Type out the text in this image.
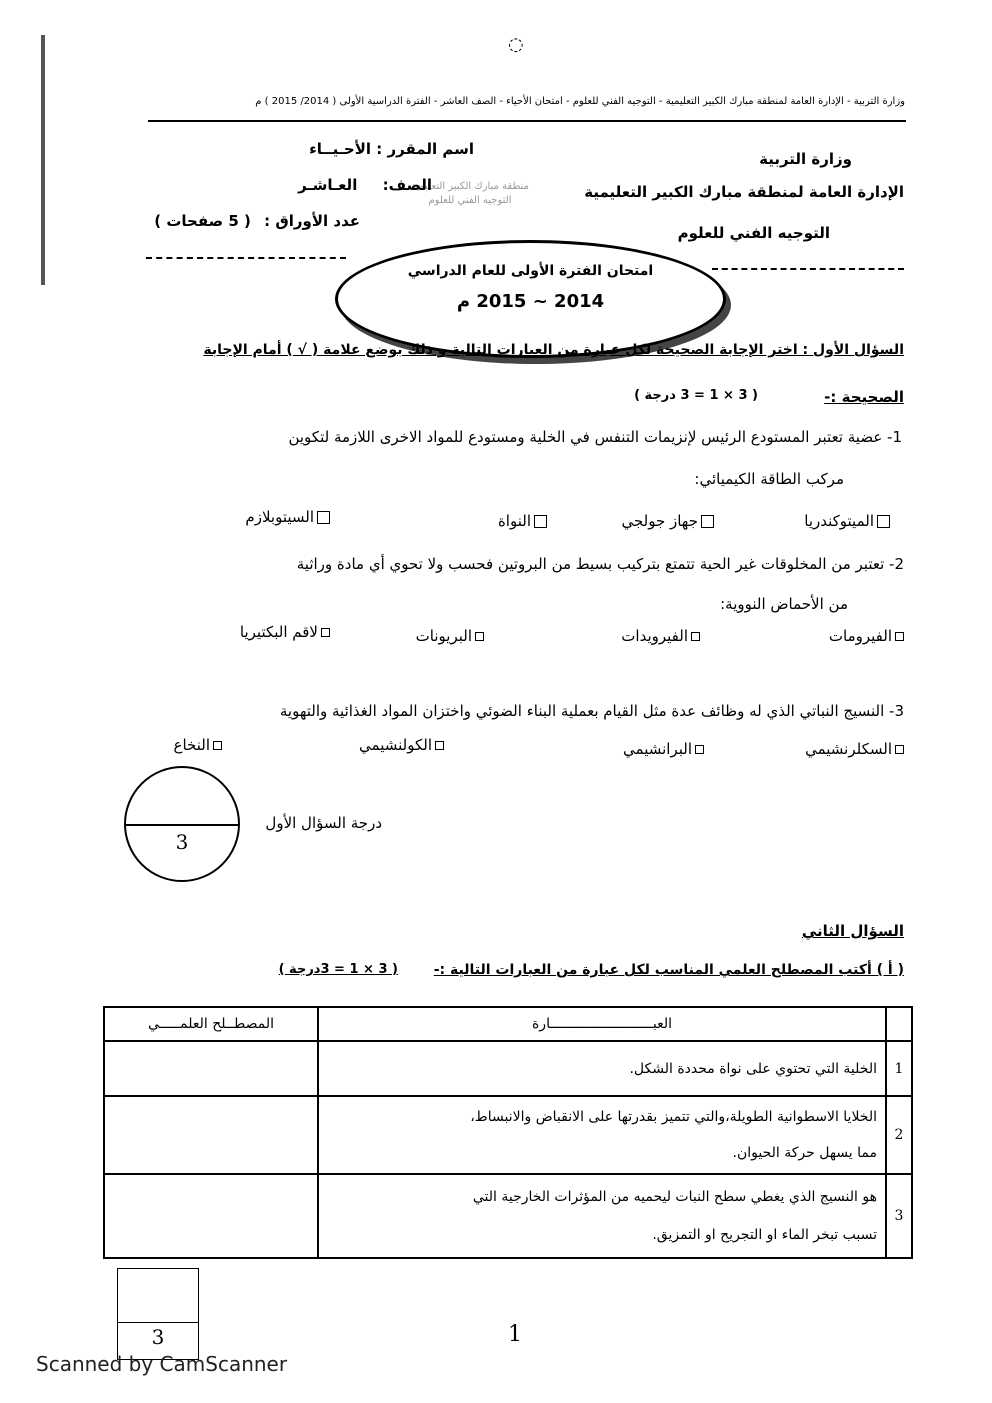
◌
وزارة التربية - الإدارة العامة لمنطقة مبارك الكبير التعليمية - التوجيه الفني للعلوم - امتحان الأحياء - الصف العاشر - الفترة الدراسية الأولى ( 2014/ 2015 ) م
وزارة التربية
الإدارة العامة لمنطقة مبارك الكبير التعليمية
التوجيه الفني للعلوم
منطقة مبارك الكبير التعليمية
التوجيه الفني للعلوم
اسم المقرر : الأحـيــاء
الصف: العـاشـر
عدد الأوراق : ( 5 صفحات )
امتحان الفترة الأولى للعام الدراسي
2014 ~ 2015 م
السؤال الأول : اختر الإجابة الصحيحة لكل عبارة من العبارات التالية و ذلك بوضع علامة ( √ ) أمام الإجابة
الصحيحة :-
( 3 × 1 = 3 درجة )
1- عضية تعتبر المستودع الرئيس لإنزيمات التنفس في الخلية ومستودع للمواد الاخرى اللازمة لتكوين
مركب الطاقة الكيميائي:
الميتوكندريا
جهاز جولجي
النواة
السيتوبلازم
2- تعتبر من المخلوقات غير الحية تتمتع بتركيب بسيط من البروتين فحسب ولا تحوي أي مادة وراثية
من الأحماض النووية:
الفيرومات
الفيرويدات
البريونات
لاقم البكتيريا
3- النسيج النباتي الذي له وظائف عدة مثل القيام بعملية البناء الضوئي واختزان المواد الغذائية والتهوية
السكلرنشيمي
البرانشيمي
الكولنشيمي
النخاع
3
درجة السؤال الأول
السؤال الثاني
( أ ) أكتب المصطلح العلمي المناسب لكل عبارة من العبارات التالية :-
( 3 × 1 = 3درجة )
	العبـــــــــــــــــــــــــارة	المصطــلح العلمـــــي
1	الخلية التي تحتوي على نواة محددة الشكل.	

2	الخلايا الاسطوانية الطويلة،والتي تتميز بقدرتها على الانقباض والانبساط،
مما يسهل حركة الحيوان.	

3	هو النسيج الذي يغطي سطح النبات ليحميه من المؤثرات الخارجية التي
تسبب تبخر الماء او التجريح او التمزيق.	

3	1
Scanned by CamScanner
